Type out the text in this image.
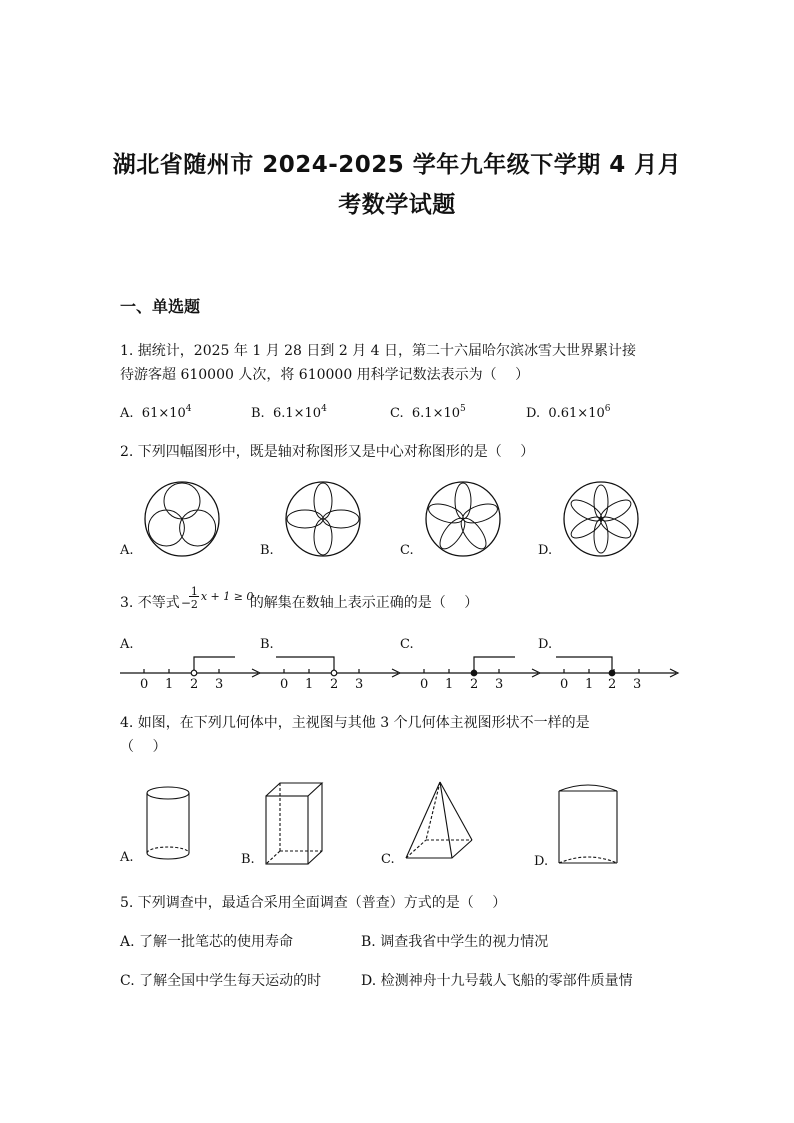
湖北省随州市 2024-2025 学年九年级下学期 4 月月
考数学试题
一、单选题
1. 据统计，2025 年 1 月 28 日到 2 月 4 日，第二十六届哈尔滨冰雪大世界累计接
待游客超 610000 人次，将 610000 用科学记数法表示为（　 ）
A. $61\times 10^4$	B. $6.1\times 10^4$	C. $6.1\times 10^5$	D. $0.61\times 10^6$
2. 下列四幅图形中，既是轴对称图形又是中心对称图形的是（　 ）
A.	B.	C.	D.
3. 不等式 −
1
2
x + 1 ≥ 0
的解集在数轴上表示正确的是（　 ）
A.	B.	C.	D.
0 1 2 3	0 1 2 3	0 1 2 3	0 1 2 3
4. 如图，在下列几何体中，主视图与其他 3 个几何体主视图形状不一样的是
（　 ）
A.	B.	C.	D.
5. 下列调查中，最适合采用全面调查（普查）方式的是（　 ）
A. 了解一批笔芯的使用寿命	B. 调查我省中学生的视力情况
C. 了解全国中学生每天运动的时	D. 检测神舟十九号载人飞船的零部件质量情
